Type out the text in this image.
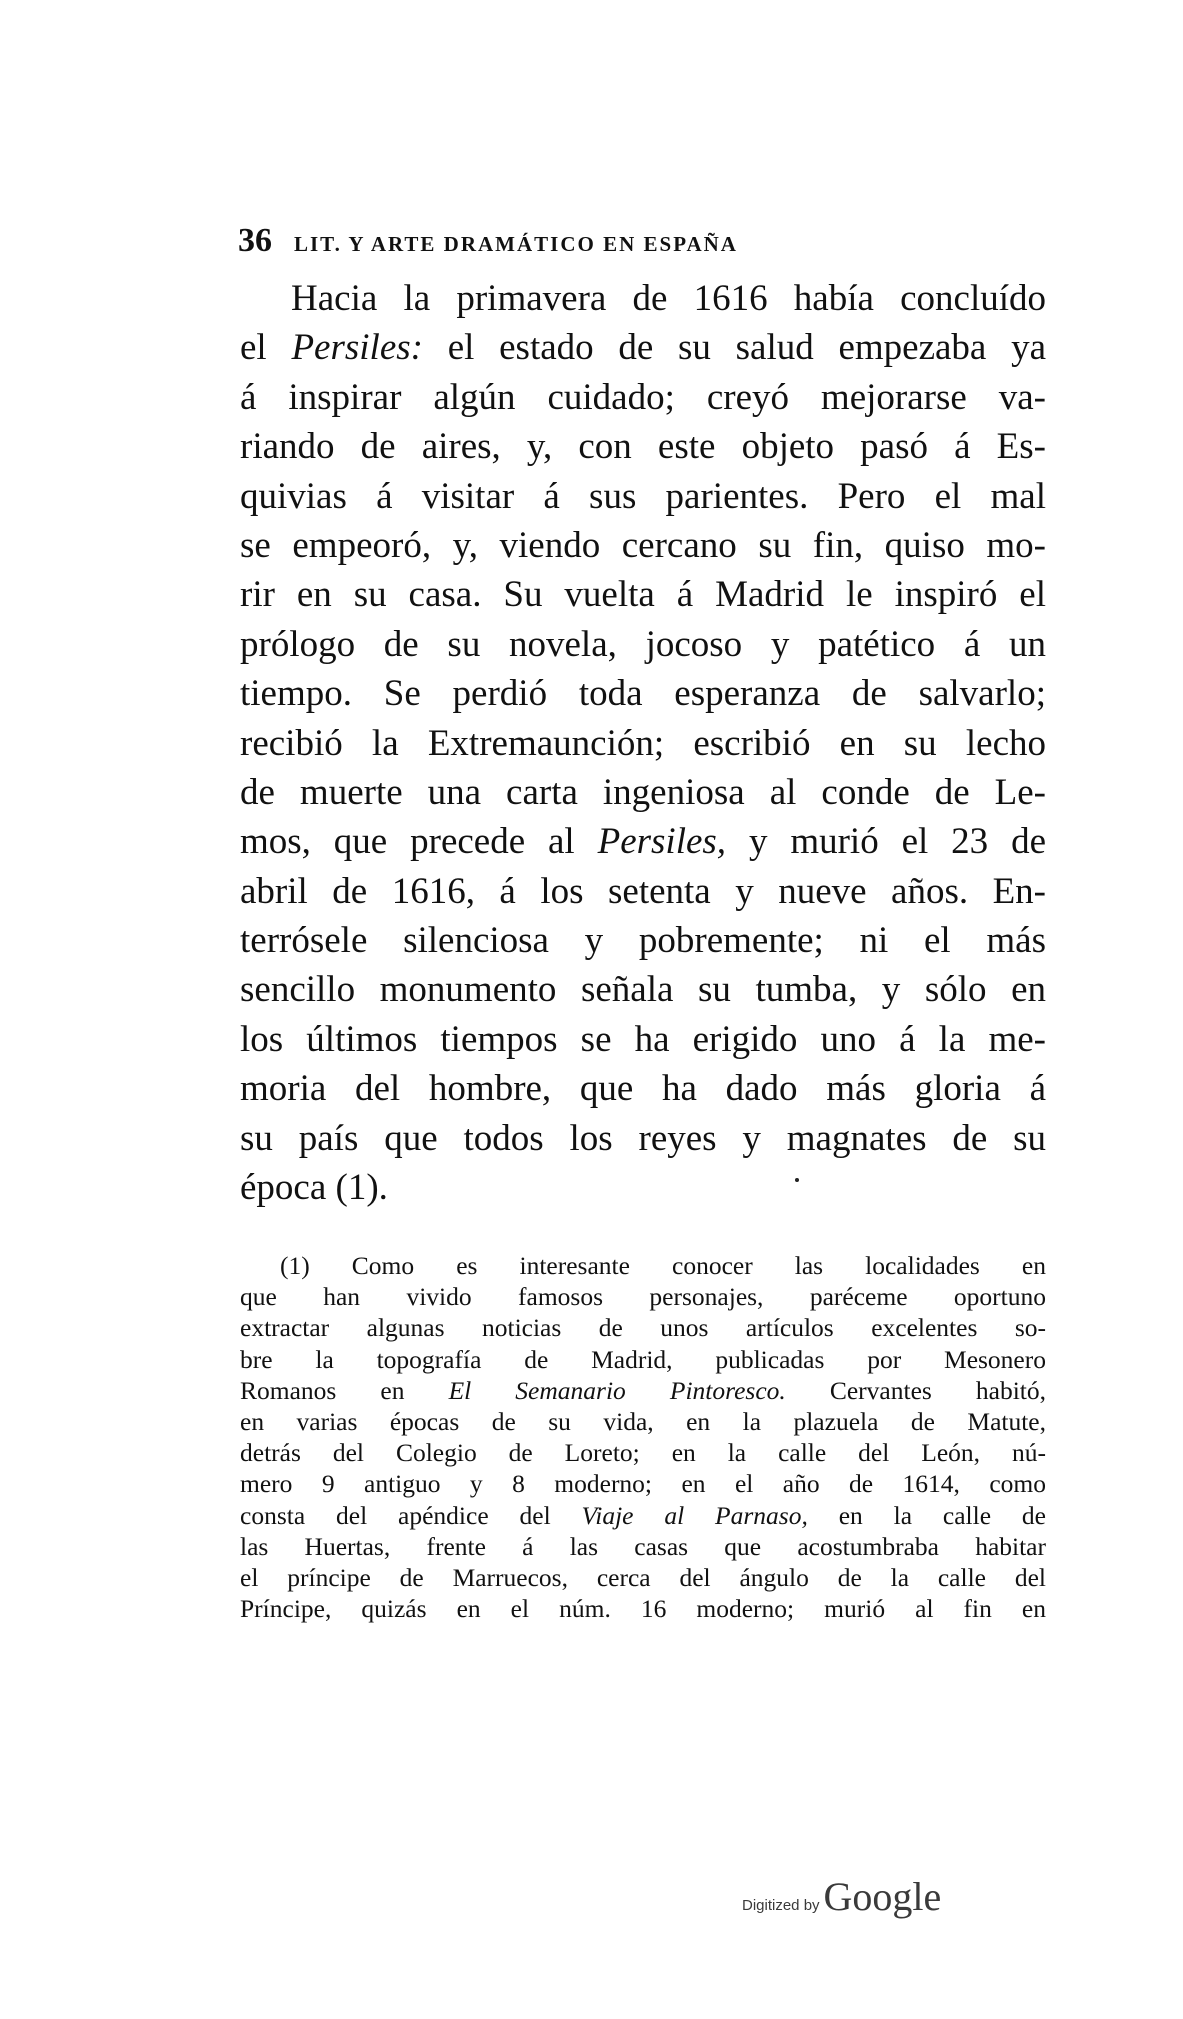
36 LIT. Y ARTE DRAMÁTICO EN ESPAÑA
Hacia la primavera de 1616 había concluído
el Persiles: el estado de su salud empezaba ya
á inspirar algún cuidado; creyó mejorarse va-
riando de aires, y, con este objeto pasó á Es-
quivias á visitar á sus parientes. Pero el mal
se empeoró, y, viendo cercano su fin, quiso mo-
rir en su casa. Su vuelta á Madrid le inspiró el
prólogo de su novela, jocoso y patético á un
tiempo. Se perdió toda esperanza de salvarlo;
recibió la Extremaunción; escribió en su lecho
de muerte una carta ingeniosa al conde de Le-
mos, que precede al Persiles, y murió el 23 de
abril de 1616, á los setenta y nueve años. En-
terrósele silenciosa y pobremente; ni el más
sencillo monumento señala su tumba, y sólo en
los últimos tiempos se ha erigido uno á la me-
moria del hombre, que ha dado más gloria á
su país que todos los reyes y magnates de su
época (1).
(1) Como es interesante conocer las localidades en
que han vivido famosos personajes, paréceme oportuno
extractar algunas noticias de unos artículos excelentes so-
bre la topografía de Madrid, publicadas por Mesonero
Romanos en El Semanario Pintoresco. Cervantes habitó,
en varias épocas de su vida, en la plazuela de Matute,
detrás del Colegio de Loreto; en la calle del León, nú-
mero 9 antiguo y 8 moderno; en el año de 1614, como
consta del apéndice del Viaje al Parnaso, en la calle de
las Huertas, frente á las casas que acostumbraba habitar
el príncipe de Marruecos, cerca del ángulo de la calle del
Príncipe, quizás en el núm. 16 moderno; murió al fin en
Digitized by Google
